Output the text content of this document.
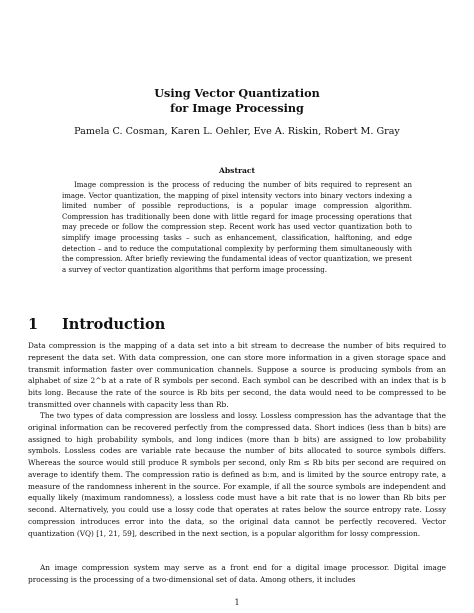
Using Vector Quantization
for Image Processing
Pamela C. Cosman, Karen L. Oehler, Eve A. Riskin, Robert M. Gray
Abstract

Image compression is the process of reducing the number of bits required to represent an image. Vector quantization, the mapping of pixel intensity vectors into binary vectors indexing a limited number of possible reproductions, is a popular image compression algorithm. Compression has traditionally been done with little regard for image processing operations that may precede or follow the compression step. Recent work has used vector quantization both to simplify image processing tasks – such as enhancement, classification, halftoning, and edge detection – and to reduce the computational complexity by performing them simultaneously with the compression. After briefly reviewing the fundamental ideas of vector quantization, we present a survey of vector quantization algorithms that perform image processing.

1 Introduction

Data compression is the mapping of a data set into a bit stream to decrease the number of bits required to represent the data set. With data compression, one can store more information in a given storage space and transmit information faster over communication channels. Suppose a source is producing symbols from an alphabet of size 2^b at a rate of R symbols per second. Each symbol can be described with an index that is b bits long. Because the rate of the source is Rb bits per second, the data would need to be compressed to be transmitted over channels with capacity less than Rb.

The two types of data compression are lossless and lossy. Lossless compression has the advantage that the original information can be recovered perfectly from the compressed data. Short indices (less than b bits) are assigned to high probability symbols, and long indices (more than b bits) are assigned to low probability symbols. Lossless codes are variable rate because the number of bits allocated to source symbols differs. Whereas the source would still produce R symbols per second, only Rm ≤ Rb bits per second are required on average to identify them. The compression ratio is defined as b:m, and is limited by the source entropy rate, a measure of the randomness inherent in the source. For example, if all the source symbols are independent and equally likely (maximum randomness), a lossless code must have a bit rate that is no lower than Rb bits per second. Alternatively, you could use a lossy code that operates at rates below the source entropy rate. Lossy compression introduces error into the data, so the original data cannot be perfectly recovered. Vector quantization (VQ) [1, 21, 59], described in the next section, is a popular algorithm for lossy compression.

An image compression system may serve as a front end for a digital image processor. Digital image processing is the processing of a two-dimensional set of data. Among others, it includes

1
